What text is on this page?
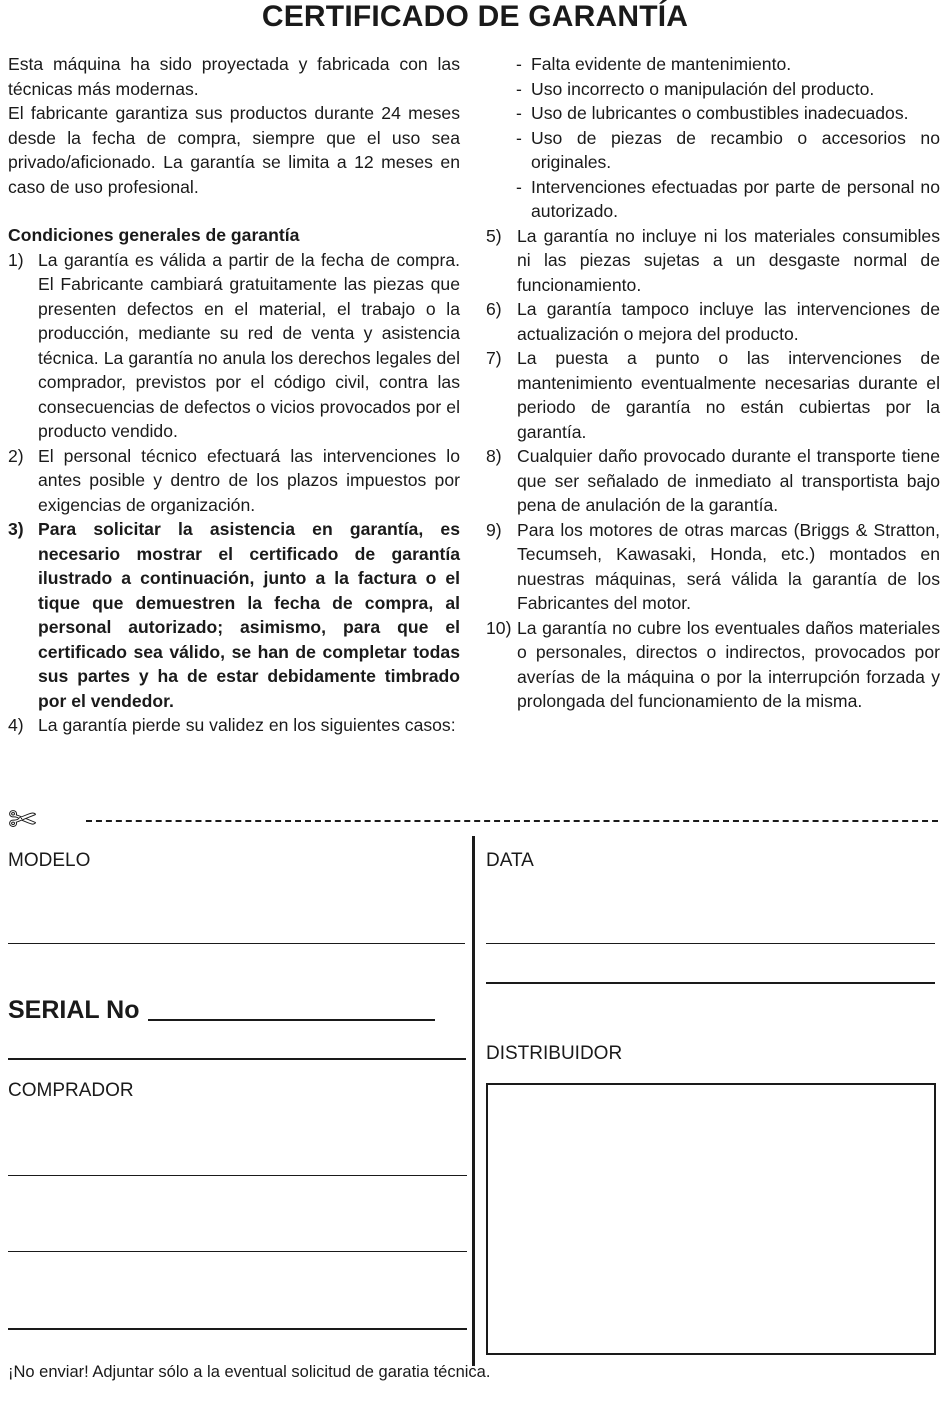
CERTIFICADO DE GARANTÍA
Esta máquina ha sido proyectada y fabricada con las técnicas más modernas.
El fabricante garantiza sus productos durante 24 meses desde la fecha de compra, siempre que el uso sea privado/aficionado. La garantía se limita a 12 meses en caso de uso profesional.
Condiciones generales de garantía
1) La garantía es válida a partir de la fecha de compra. El Fabricante cambiará gratuitamente las piezas que presenten defectos en el material, el trabajo o la producción, mediante su red de venta y asistencia técnica. La garantía no anula los derechos legales del comprador, previstos por el código civil, contra las consecuencias de defectos o vicios provocados por el producto vendido.
2) El personal técnico efectuará las intervenciones lo antes posible y dentro de los plazos impuestos por exigencias de organización.
3) Para solicitar la asistencia en garantía, es necesario mostrar el certificado de garantía ilustrado a continuación, junto a la factura o el tique que demuestren la fecha de compra, al personal autorizado; asimismo, para que el certificado sea válido, se han de completar todas sus partes y ha de estar debidamente timbrado por el vendedor.
4) La garantía pierde su validez en los siguientes casos:
- Falta evidente de mantenimiento.
- Uso incorrecto o manipulación del producto.
- Uso de lubricantes o combustibles inadecuados.
- Uso de piezas de recambio o accesorios no originales.
- Intervenciones efectuadas por parte de personal no autorizado.
5) La garantía no incluye ni los materiales consumibles ni las piezas sujetas a un desgaste normal de funcionamiento.
6) La garantía tampoco incluye las intervenciones de actualización o mejora del producto.
7) La puesta a punto o las intervenciones de mantenimiento eventualmente necesarias durante el periodo de garantía no están cubiertas por la garantía.
8) Cualquier daño provocado durante el transporte tiene que ser señalado de inmediato al transportista bajo pena de anulación de la garantía.
9) Para los motores de otras marcas (Briggs & Stratton, Tecumseh, Kawasaki, Honda, etc.) montados en nuestras máquinas, será válida la garantía de los Fabricantes del motor.
10) La garantía no cubre los eventuales daños materiales o personales, directos o indirectos, provocados por averías de la máquina o por la interrupción forzada y prolongada del funcionamiento de la misma.
✄
MODELO	DATA
SERIAL No
COMPRADOR
DISTRIBUIDOR
¡No enviar! Adjuntar sólo a la eventual solicitud de garatia técnica.
